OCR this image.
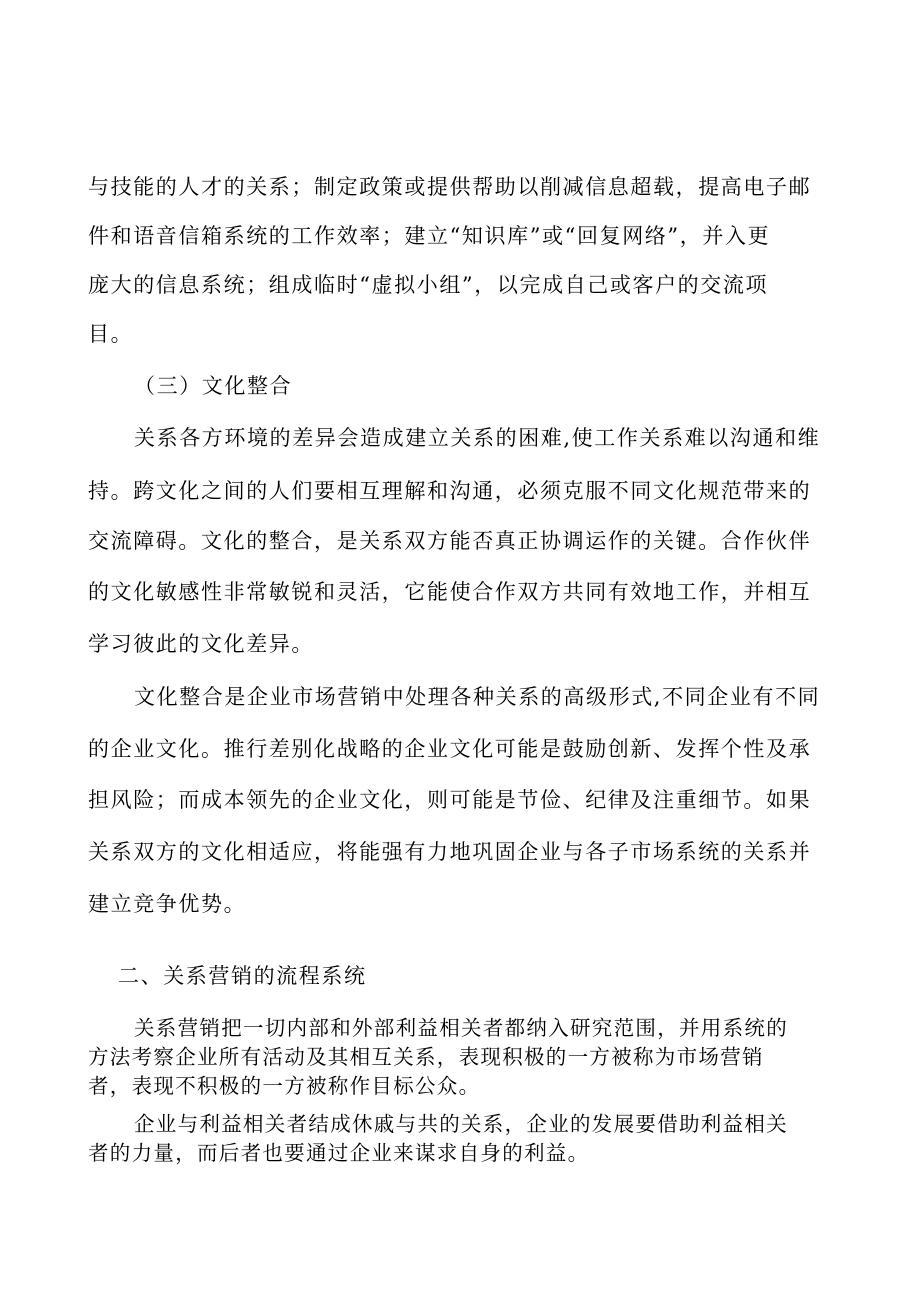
与技能的人才的关系；制定政策或提供帮助以削减信息超载，提高电子邮
件和语音信箱系统的工作效率；建立“知识库”或“回复网络”，并入更
庞大的信息系统；组成临时“虚拟小组”，以完成自己或客户的交流项
目。
（三）文化整合
关系各方环境的差异会造成建立关系的困难,使工作关系难以沟通和维
持。跨文化之间的人们要相互理解和沟通，必须克服不同文化规范带来的
交流障碍。文化的整合，是关系双方能否真正协调运作的关键。合作伙伴
的文化敏感性非常敏锐和灵活，它能使合作双方共同有效地工作，并相互
学习彼此的文化差异。
文化整合是企业市场营销中处理各种关系的高级形式,不同企业有不同
的企业文化。推行差别化战略的企业文化可能是鼓励创新、发挥个性及承
担风险；而成本领先的企业文化，则可能是节俭、纪律及注重细节。如果
关系双方的文化相适应，将能强有力地巩固企业与各子市场系统的关系并
建立竞争优势。
二、关系营销的流程系统
关系营销把一切内部和外部利益相关者都纳入研究范围，并用系统的
方法考察企业所有活动及其相互关系，表现积极的一方被称为市场营销
者，表现不积极的一方被称作目标公众。
企业与利益相关者结成休戚与共的关系，企业的发展要借助利益相关
者的力量，而后者也要通过企业来谋求自身的利益。
